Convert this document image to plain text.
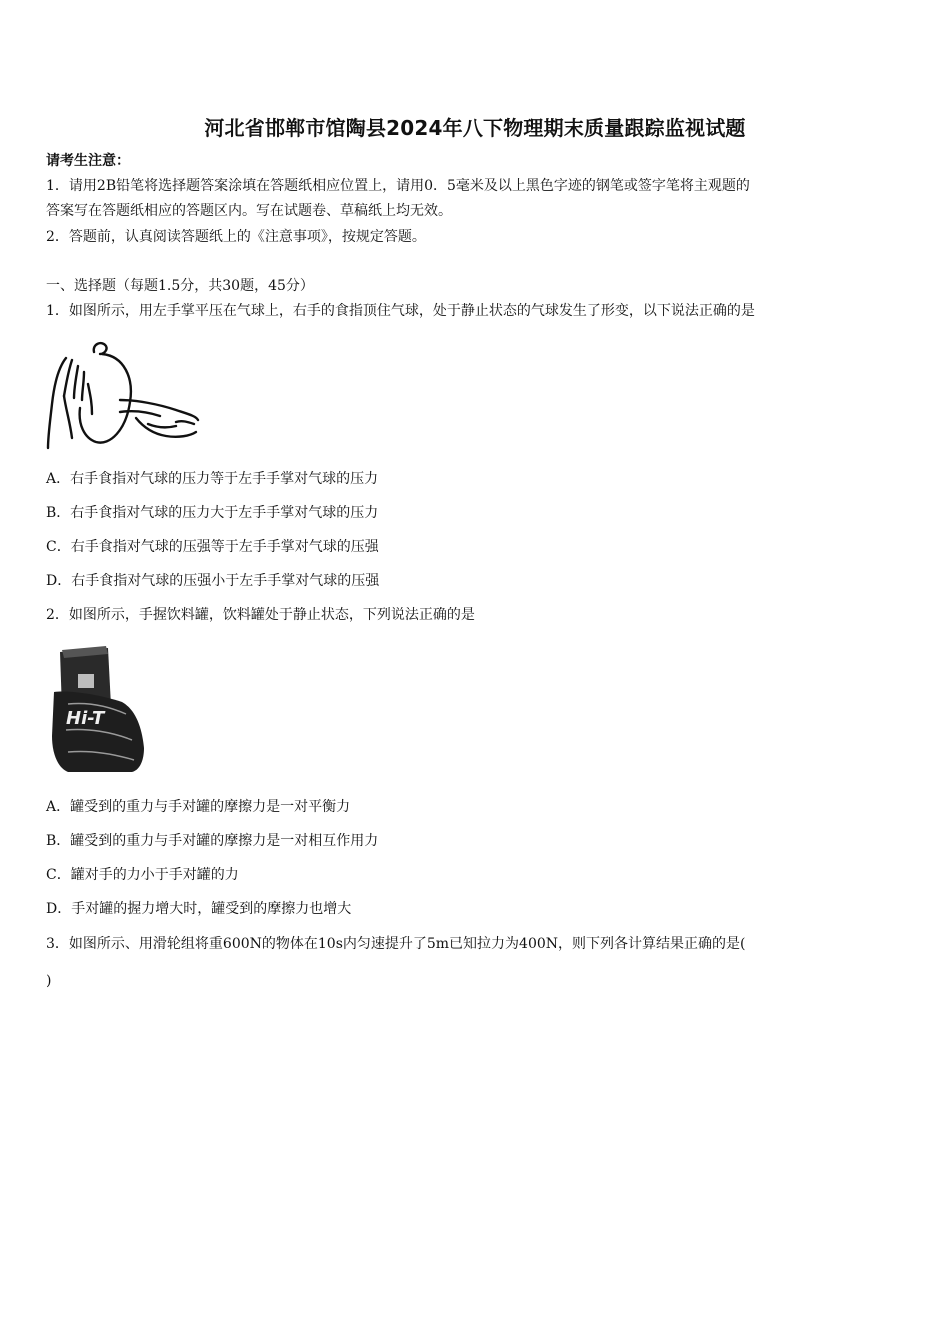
河北省邯郸市馆陶县2024年八下物理期末质量跟踪监视试题
请考生注意：
1．请用2B铅笔将选择题答案涂填在答题纸相应位置上，请用0．5毫米及以上黑色字迹的钢笔或签字笔将主观题的
答案写在答题纸相应的答题区内。写在试题卷、草稿纸上均无效。
2．答题前，认真阅读答题纸上的《注意事项》，按规定答题。
一、选择题（每题1.5分，共30题，45分）
1．如图所示，用左手掌平压在气球上，右手的食指顶住气球，处于静止状态的气球发生了形变，以下说法正确的是
A．右手食指对气球的压力等于左手手掌对气球的压力
B．右手食指对气球的压力大于左手手掌对气球的压力
C．右手食指对气球的压强等于左手手掌对气球的压强
D．右手食指对气球的压强小于左手手掌对气球的压强
2．如图所示，手握饮料罐，饮料罐处于静止状态，下列说法正确的是
Hi-T
A．罐受到的重力与手对罐的摩擦力是一对平衡力
B．罐受到的重力与手对罐的摩擦力是一对相互作用力
C．罐对手的力小于手对罐的力
D．手对罐的握力增大时，罐受到的摩擦力也增大
3．如图所示、用滑轮组将重600N的物体在10s内匀速提升了5m已知拉力为400N，则下列各计算结果正确的是(
)
